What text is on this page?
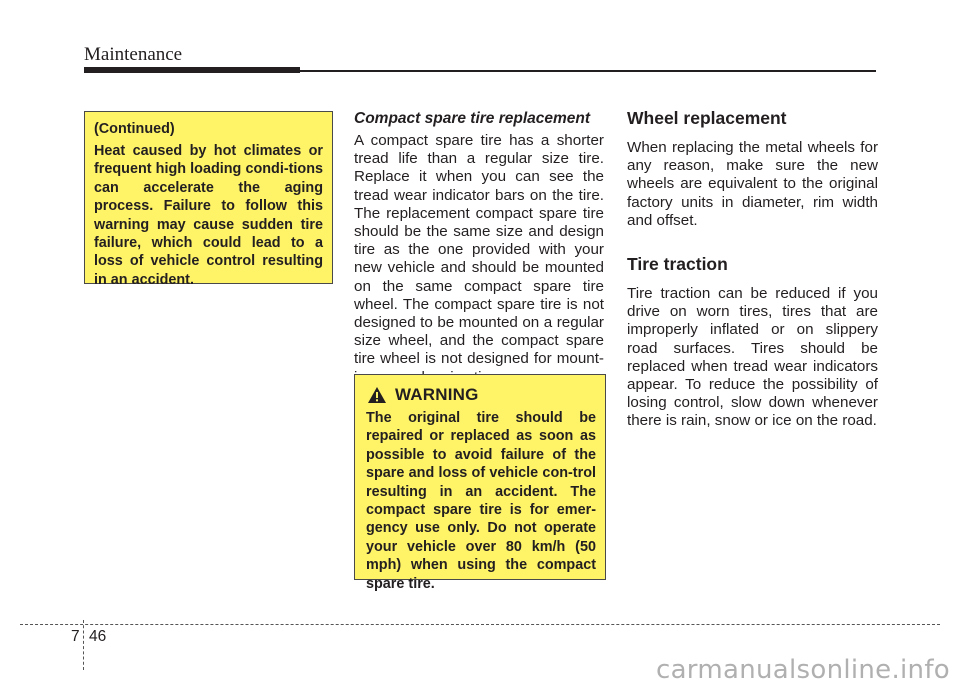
Maintenance
(Continued)
Heat caused by hot climates or frequent high loading condi-tions can accelerate the aging process. Failure to follow this warning may cause sudden tire failure, which could lead to a loss of vehicle control resulting in an accident.
Compact spare tire replacement

A compact spare tire has a shorter tread life than a regular size tire. Replace it when you can see the tread wear indicator bars on the tire. The replacement compact spare tire should be the same size and design tire as the one provided with your new vehicle and should be mounted on the same compact spare tire wheel. The compact spare tire is not designed to be mounted on a regular size wheel, and the compact spare tire wheel is not designed for mount-

WARNING
The original tire should be repaired or replaced as soon as possible to avoid failure of the spare and loss of vehicle con-trol resulting in an accident. The compact spare tire is for emer-gency use only. Do not operate your vehicle over 80 km/h (50 mph) when using the compact spare tire.
Wheel replacement

When replacing the metal wheels for any reason, make sure the new wheels are equivalent to the original factory units in diameter, rim width and offset.

Tire traction

Tire traction can be reduced if you drive on worn tires, tires that are improperly inflated or on slippery road surfaces. Tires should be replaced when tread wear indicators appear. To reduce the possibility of losing control, slow down whenever there is rain, snow or ice on the road.

7 46
carmanualsonline.info
